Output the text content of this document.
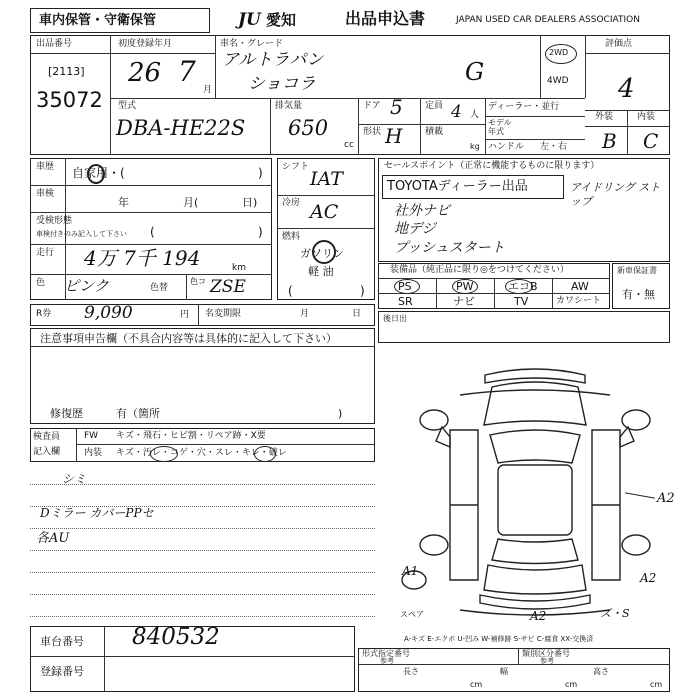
車内保管・守衛保管	JU 愛知	出品申込書	JAPAN USED CAR DEALERS ASSOCIATION
出品番号
[2113]
35072
初度登録年月
26 7
月
車名・グレード
アルトラパン
ショコラ	G
2WD
4WD
評価点
4
外装	内装
B C
型式
DBA-HE22S
排気量
650
cc
ドア 5
形状 H
定員 4 人
積載
kg
ディーラー・並行
モデル
年式
ハンドル 左・右
車歴 自家用・(	)
車検
年	月(	日)
受検形態
車検付きのみ記入して下さい (	)
走行 4万 7千 194	km
色 ピンク	色替
色コ ZSE
シフト
IAT
冷房 AC
燃料
ガソリン
軽 油
(	)
セールスポイント（正常に機能するものに限ります）
TOYOTAディーラー出品	アイドリング ストップ
社外ナビ
地デジ
プッシュスタート
装備品（純正品に限り◎をつけてください）
PS	PW	エコB	AW
SR	ナビ	TV	カワシート
新車保証書
有・無
R券 9,090	円 名変期限	月	日	後日出
注意事項申告欄（不具合内容等は具体的に記入して下さい）
修復歴	有（箇所	)
検査員
記入欄
FW キズ・飛石・ヒビ割・リペア跡・X要
内装 キズ・汚レ・コゲ・穴・スレ・キレ・破レ
シミ
Dミラー カバーPPセ
各AU
車台番号 840532
登録番号
A2
A1	A2
A2	ズ・S
スペア
A-キズ E-エクボ U-凹み W-補修跡 S-サビ C-腐食 XX-交換済
形式指定番号
参考
類別区分番号
参考
長さ
cm
幅
cm
高さ
cm
